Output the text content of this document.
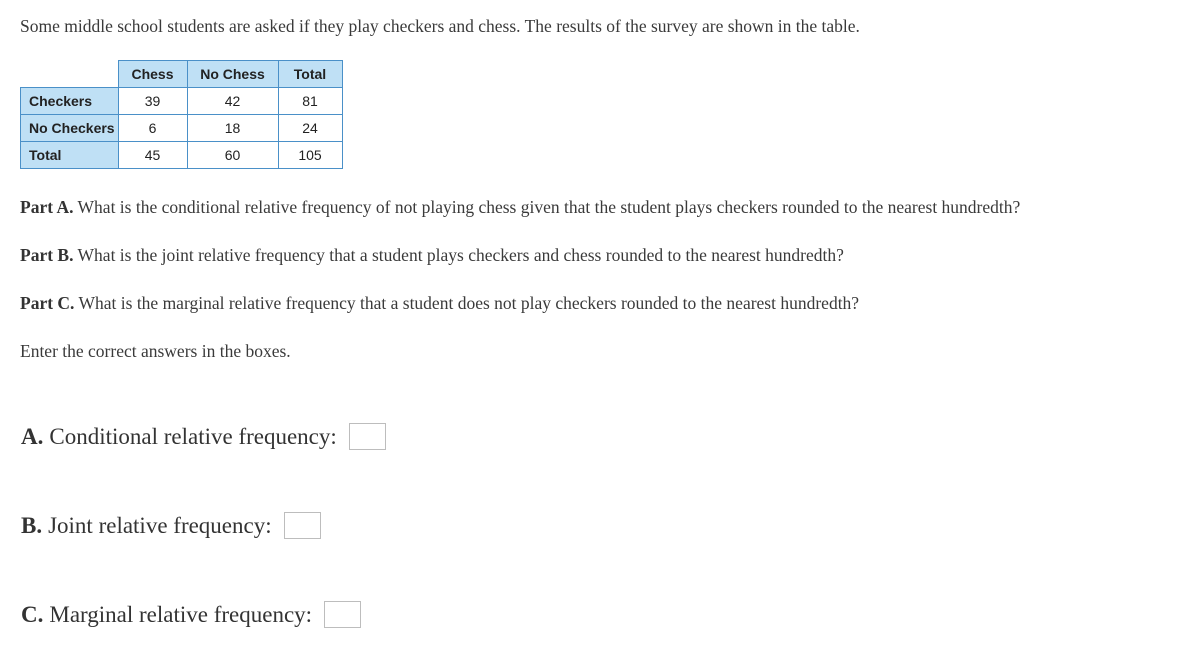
Some middle school students are asked if they play checkers and chess. The results of the survey are shown in the table.
	Chess	No Chess	Total
Checkers	39	42	81
No Checkers	6	18	24
Total	45	60	105
Part A. What is the conditional relative frequency of not playing chess given that the student plays checkers rounded to the nearest hundredth?
Part B. What is the joint relative frequency that a student plays checkers and chess rounded to the nearest hundredth?
Part C. What is the marginal relative frequency that a student does not play checkers rounded to the nearest hundredth?
Enter the correct answers in the boxes.
A. Conditional relative frequency:
B. Joint relative frequency:
C. Marginal relative frequency:
